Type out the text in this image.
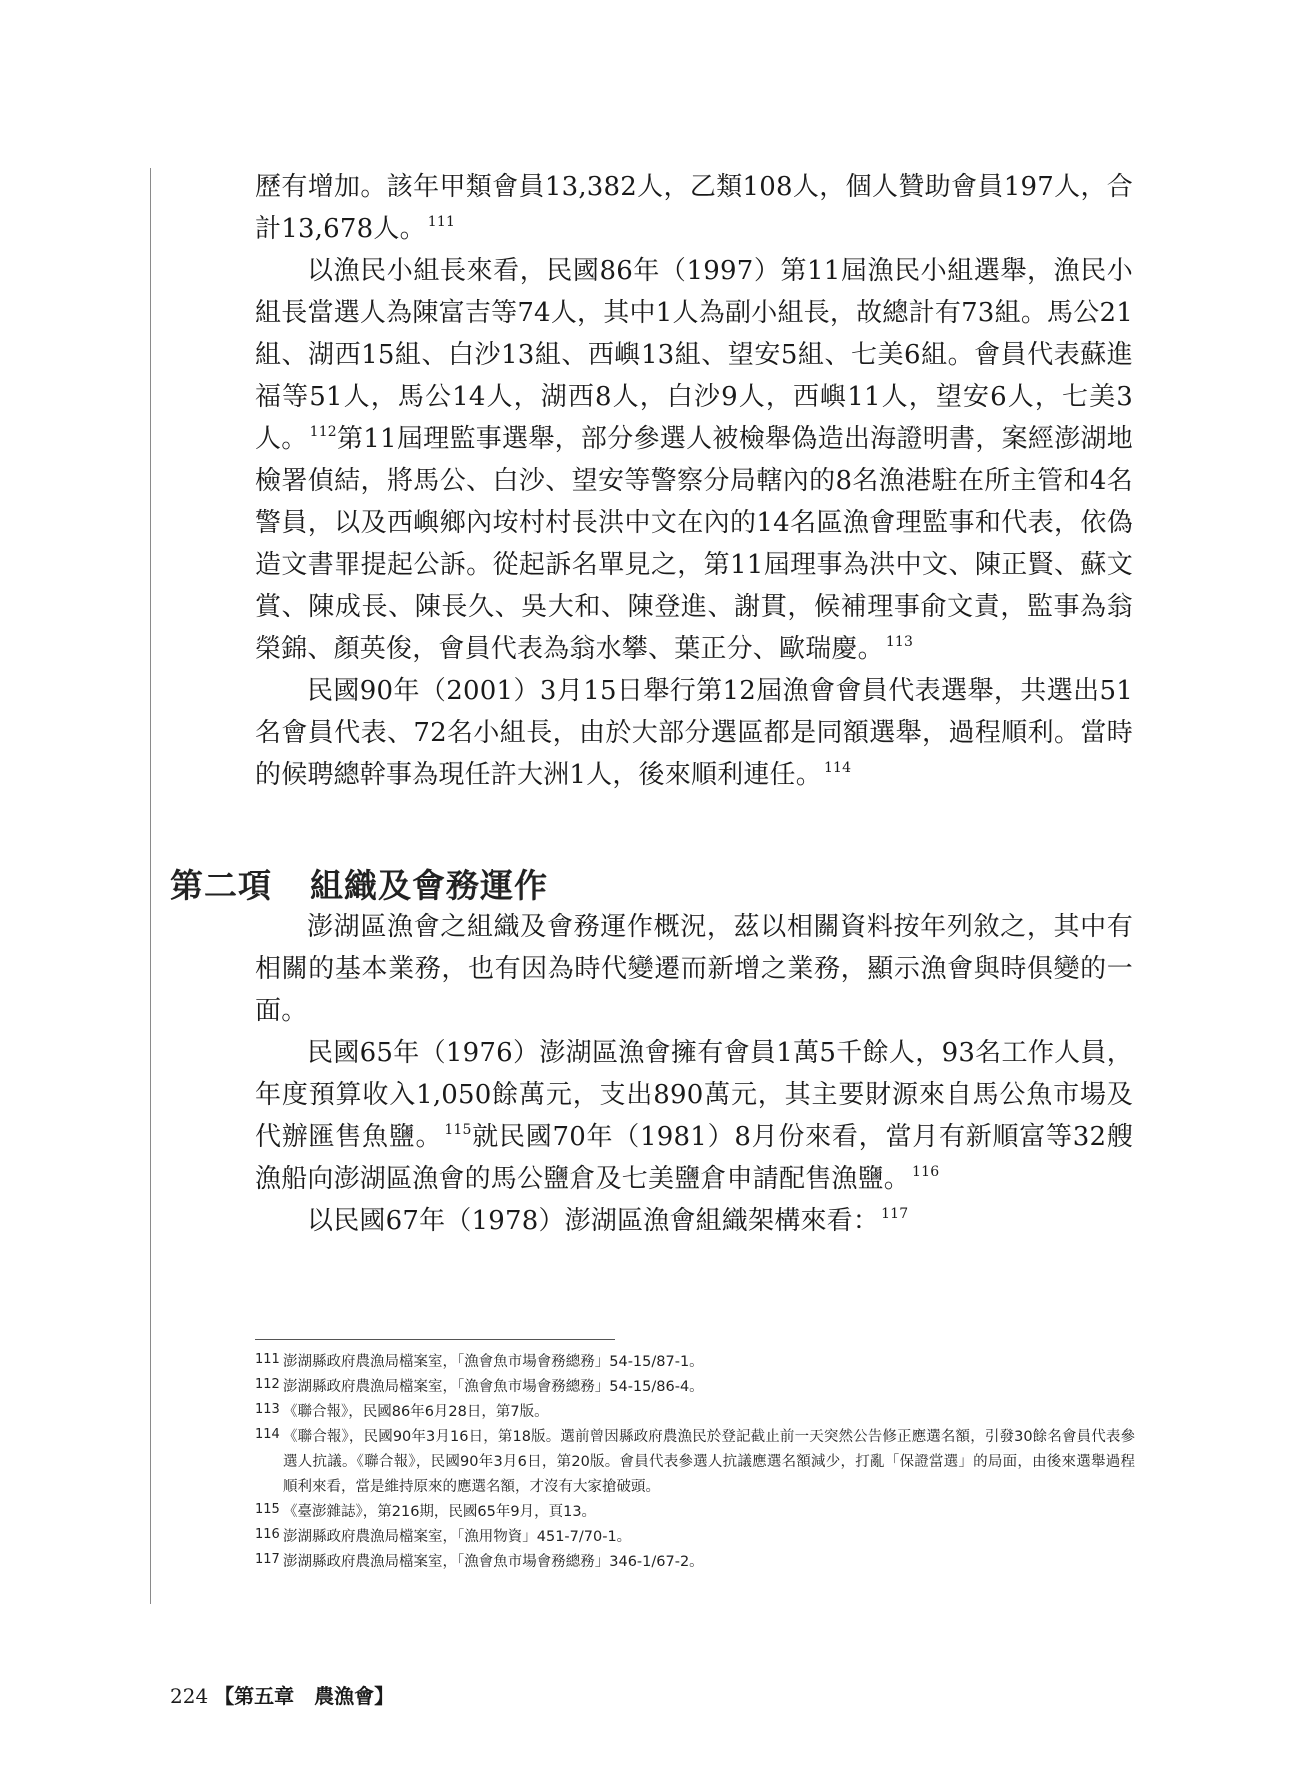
歷有增加。該年甲類會員13,382人，乙類108人，個人贊助會員197人，合計13,678人。 $^{111}$

以漁民小組長來看，民國86年（1997）第11屆漁民小組選舉，漁民小組長當選人為陳富吉等74人，其中1人為副小組長，故總計有73組。馬公21組、湖西15組、白沙13組、西嶼13組、望安5組、七美6組。會員代表蘇進福等51人，馬公14人，湖西8人，白沙9人，西嶼11人，望安6人，七美3人。 $^{112}$第11屆理監事選舉，部分參選人被檢舉偽造出海證明書，案經澎湖地檢署偵結，將馬公、白沙、望安等警察分局轄內的8名漁港駐在所主管和4名警員，以及西嶼鄉內垵村村長洪中文在內的14名區漁會理監事和代表，依偽造文書罪提起公訴。從起訴名單見之，第11屆理事為洪中文、陳正賢、蘇文賞、陳成長、陳長久、吳大和、陳登進、謝貫，候補理事俞文責，監事為翁榮錦、顏英俊，會員代表為翁水攀、葉正分、歐瑞慶。 $^{113}$

民國90年（2001）3月15日舉行第12屆漁會會員代表選舉，共選出51名會員代表、72名小組長，由於大部分選區都是同額選舉，過程順利。當時的候聘總幹事為現任許大洲1人，後來順利連任。 $^{114}$

第二項 組織及會務運作

澎湖區漁會之組織及會務運作概況，茲以相關資料按年列敘之，其中有相關的基本業務，也有因為時代變遷而新增之業務，顯示漁會與時俱變的一面。

民國65年（1976）澎湖區漁會擁有會員1萬5千餘人，93名工作人員，年度預算收入1,050餘萬元，支出890萬元，其主要財源來自馬公魚市場及代辦匯售魚鹽。 $^{115}$就民國70年（1981）8月份來看，當月有新順富等32艘漁船向澎湖區漁會的馬公鹽倉及七美鹽倉申請配售漁鹽。 $^{116}$

以民國67年（1978）澎湖區漁會組織架構來看： $^{117}$

111 澎湖縣政府農漁局檔案室，「漁會魚市場會務總務」54-15/87-1。
112 澎湖縣政府農漁局檔案室，「漁會魚市場會務總務」54-15/86-4。
113 《聯合報》，民國86年6月28日，第7版。
114 《聯合報》，民國90年3月16日，第18版。選前曾因縣政府農漁民於登記截止前一天突然公告修正應選名額，引發30餘名會員代表參選人抗議。《聯合報》，民國90年3月6日，第20版。會員代表參選人抗議應選名額減少，打亂「保證當選」的局面，由後來選舉過程順利來看，當是維持原來的應選名額，才沒有大家搶破頭。
115 《臺澎雜誌》，第216期，民國65年9月，頁13。
116 澎湖縣政府農漁局檔案室，「漁用物資」451-7/70-1。
117 澎湖縣政府農漁局檔案室，「漁會魚市場會務總務」346-1/67-2。
224 【第五章　農漁會】
